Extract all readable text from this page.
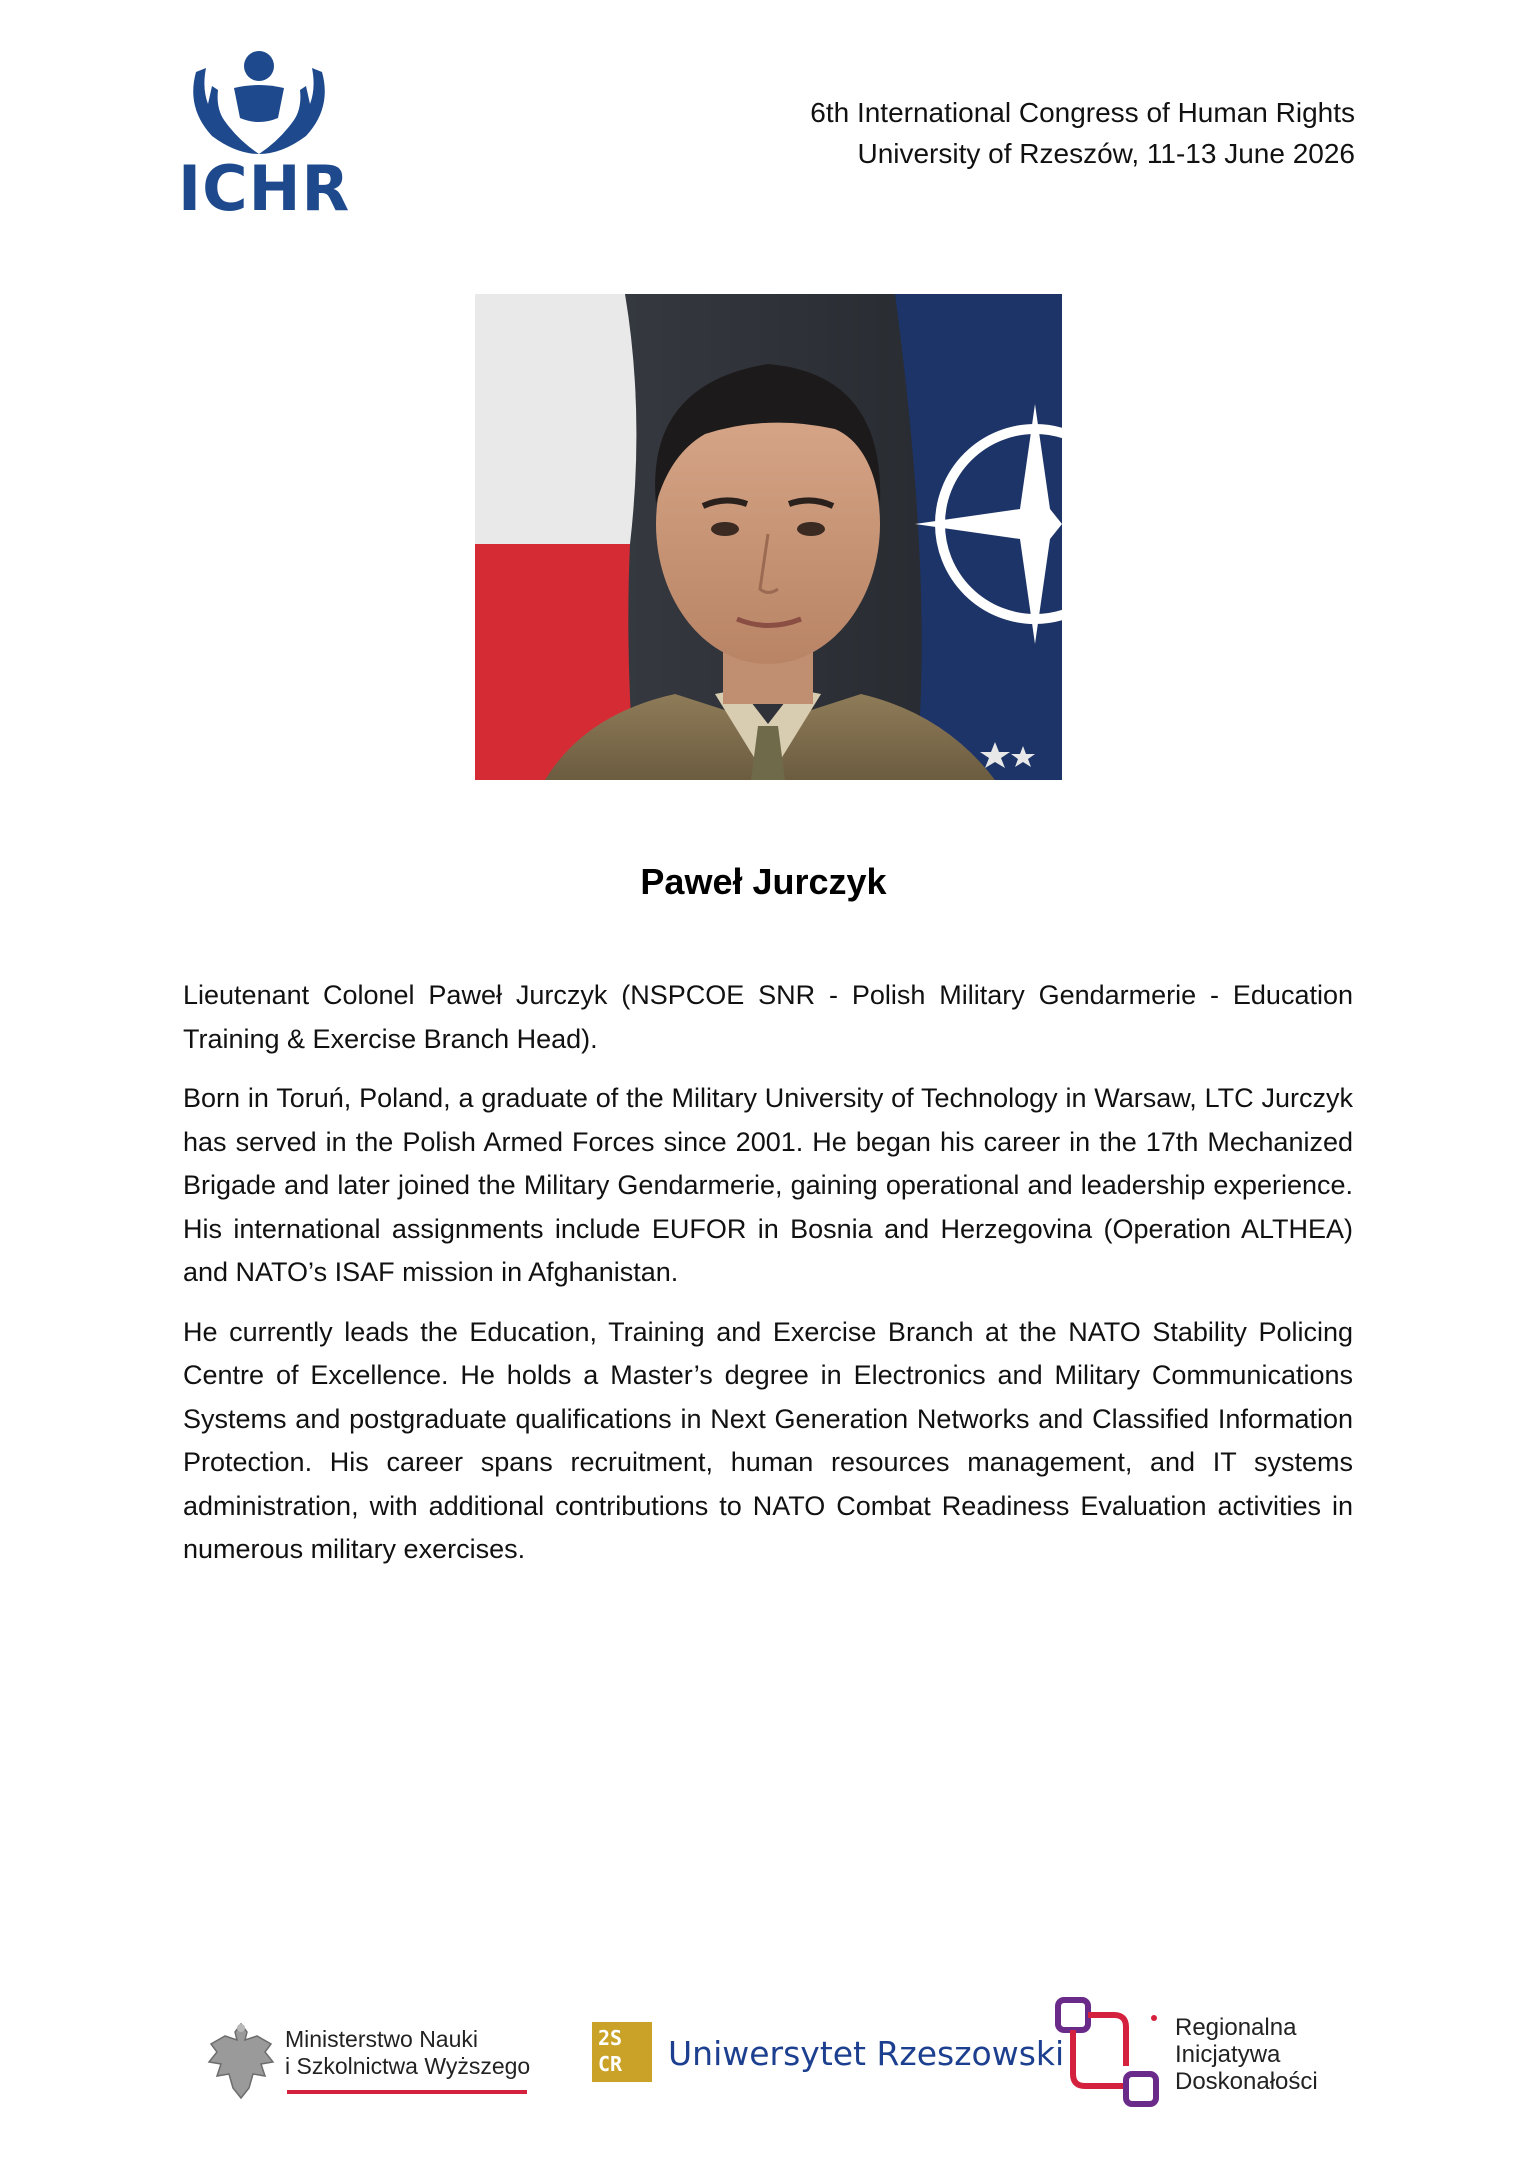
ICHR
6th International Congress of Human Rights
University of Rzeszów, 11-13 June 2026
Paweł Jurczyk

Lieutenant Colonel Paweł Jurczyk (NSPCOE SNR - Polish Military Gendarmerie - Education Training & Exercise Branch Head).

Born in Toruń, Poland, a graduate of the Military University of Technology in Warsaw, LTC Jurczyk has served in the Polish Armed Forces since 2001. He began his career in the 17th Mechanized Brigade and later joined the Military Gendarmerie, gaining operational and leadership experience. His international assignments include EUFOR in Bosnia and Herzegovina (Operation ALTHEA) and NATO’s ISAF mission in Afghanistan.

He currently leads the Education, Training and Exercise Branch at the NATO Stability Policing Centre of Excellence. He holds a Master’s degree in Electronics and Military Communications Systems and postgraduate qualifications in Next Generation Networks and Classified Information Protection. His career spans recruitment, human resources management, and IT systems administration, with additional contributions to NATO Combat Readiness Evaluation activities in numerous military exercises.

Ministerstwo Nauki
i Szkolnictwa Wyższego
2S
CR Uniwersytet Rzeszowski
Regionalna
Inicjatywa
Doskonałości
